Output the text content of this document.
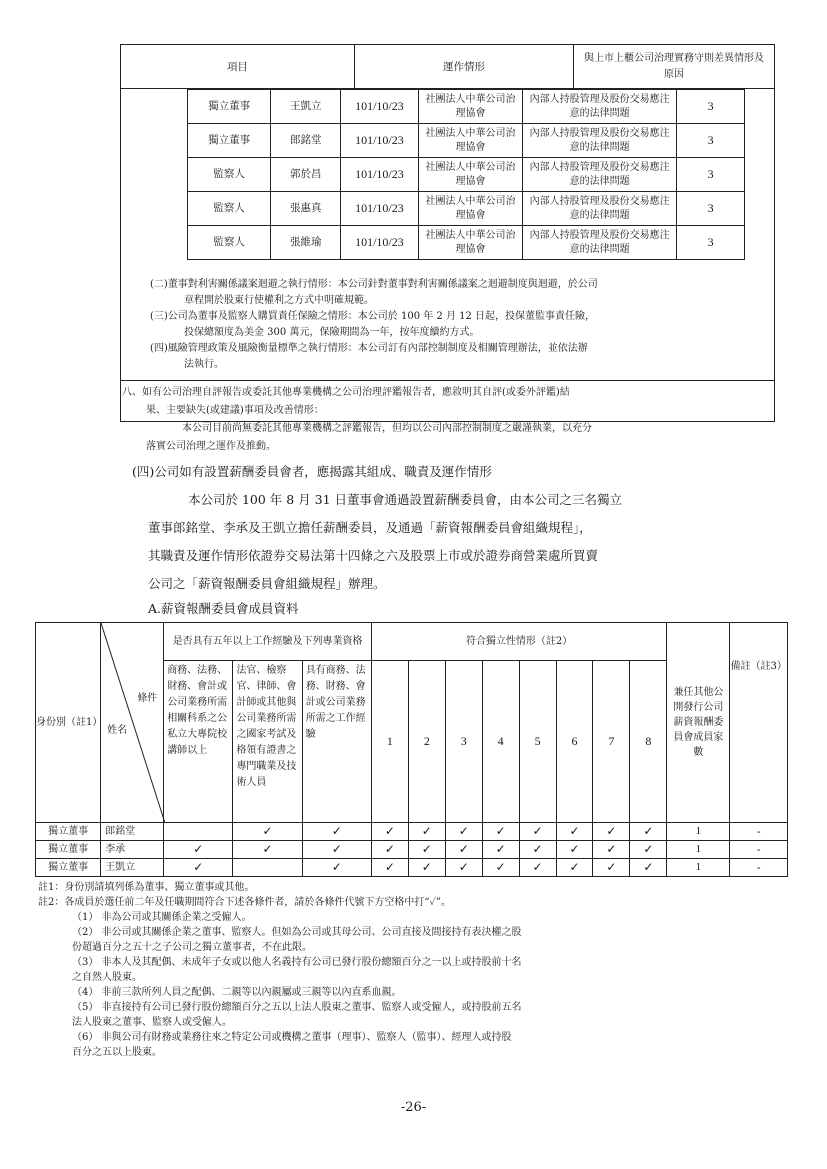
項目	運作情形		與上市上櫃公司治理實務守則差異情形及原因
獨立董事	王凱立	101/10/23	社團法人中華公司治理協會	內部人持股管理及股份交易應注意的法律問題	3
獨立董事	郎銘堂	101/10/23	社團法人中華公司治理協會	內部人持股管理及股份交易應注意的法律問題	3
監察人	郭於昌	101/10/23	社團法人中華公司治理協會	內部人持股管理及股份交易應注意的法律問題	3
監察人	張惠真	101/10/23	社團法人中華公司治理協會	內部人持股管理及股份交易應注意的法律問題	3
監察人	張維瑜	101/10/23	社團法人中華公司治理協會	內部人持股管理及股份交易應注意的法律問題	3
(二)董事對利害關係議案迴避之執行情形：本公司針對董事對利害關係議案之迴避制度與迴避，於公司
章程開於股東行使權利之方式中明確規範。
(三)公司為董事及監察人購買責任保險之情形：本公司於 100 年 2 月 12 日起，投保董監事責任險，
投保總額度為美金 300 萬元，保險期間為一年，按年度續約方式。
(四)風險管理政策及風險衡量標準之執行情形：本公司訂有內部控制制度及相關管理辦法，並依法辦
法執行。
八、如有公司治理自評報告或委託其他專業機構之公司治理評鑑報告者，應敘明其自評(或委外評鑑)結
果、主要缺失(或建議)事項及改善情形：
本公司目前尚無委託其他專業機構之評鑑報告，但均以公司內部控制制度之嚴謹執業，以充分
落實公司治理之運作及推動。
(四)公司如有設置薪酬委員會者，應揭露其組成、職責及運作情形
本公司於 100 年 8 月 31 日董事會通過設置薪酬委員會，由本公司之三名獨立
董事郎銘堂、李承及王凱立擔任薪酬委員，及通過「薪資報酬委員會組織規程」，
其職責及運作情形依證券交易法第十四條之六及股票上市或於證券商營業處所買賣
公司之「薪資報酬委員會組織規程」辦理。
A.薪資報酬委員會成員資料
身份別（註1）	條件
姓名	是否具有五年以上工作經驗及下列專業資格			符合獨立性情形（註2）								兼任其他公開發行公司薪資報酬委員會成員家數	備註（註3）
		商務、法務、財務、會計或公司業務所需相關科系之公私立大專院校講師以上	法官、檢察官、律師、會計師或其他與公司業務所需之國家考試及格領有證書之專門職業及技術人員	具有商務、法務、財務、會計或公司業務所需之工作經驗	1	2	3	4	5	6	7	8		
獨立董事	郎銘堂		✓	✓	✓	✓	✓	✓	✓	✓	✓	✓	1	-
獨立董事	李承	✓	✓	✓	✓	✓	✓	✓	✓	✓	✓	✓	1	-
獨立董事	王凱立	✓		✓	✓	✓	✓	✓	✓	✓	✓	✓	1	-
註1：身份別請填列係為董事、獨立董事或其他。
註2：各成員於選任前二年及任職期間符合下述各條件者，請於各條件代號下方空格中打“✓”。
（1） 非為公司或其關係企業之受僱人。
（2） 非公司或其關係企業之董事、監察人。但如為公司或其母公司、公司直接及間接持有表決權之股
份超過百分之五十之子公司之獨立董事者，不在此限。
（3） 非本人及其配偶、未成年子女或以他人名義持有公司已發行股份總額百分之一以上或持股前十名
之自然人股東。
（4） 非前三款所列人員之配偶、二親等以內親屬或三親等以內直系血親。
（5） 非直接持有公司已發行股份總額百分之五以上法人股東之董事、監察人或受僱人，或持股前五名
法人股東之董事、監察人或受僱人。
（6） 非與公司有財務或業務往來之特定公司或機構之董事（理事）、監察人（監事）、經理人或持股
百分之五以上股東。
-26-
